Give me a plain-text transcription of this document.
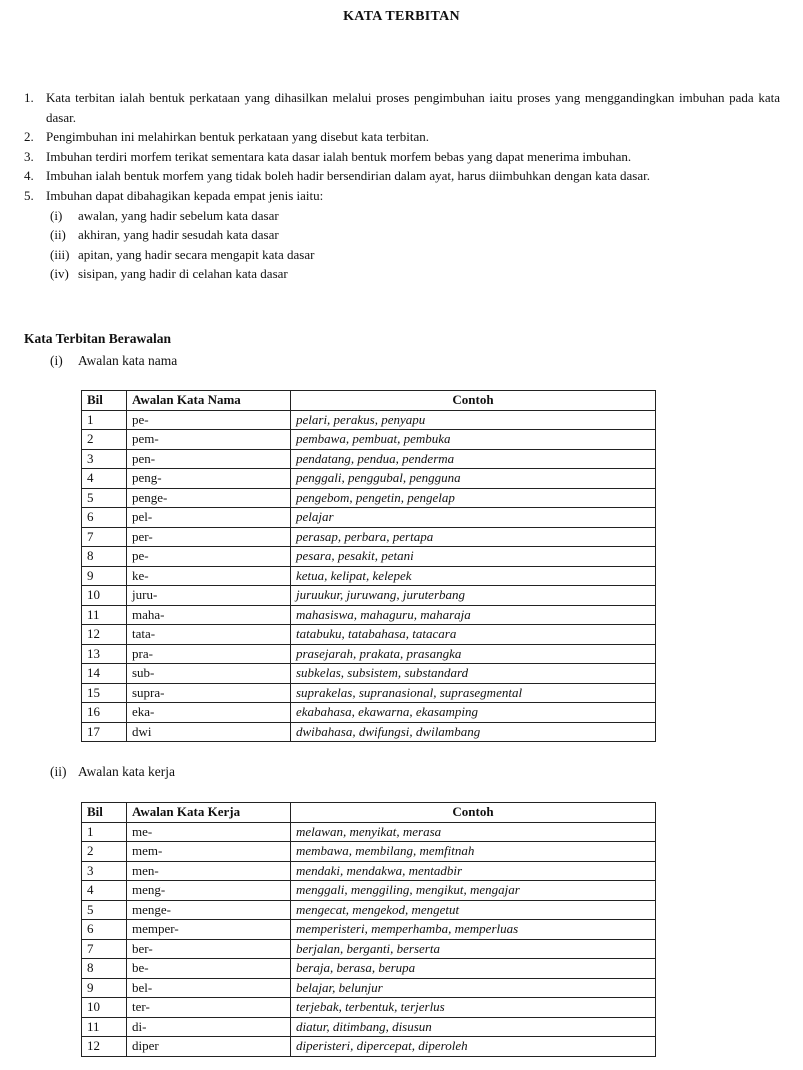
KATA TERBITAN
1. Kata terbitan ialah bentuk perkataan yang dihasilkan melalui proses pengimbuhan iaitu proses yang menggandingkan imbuhan pada kata dasar.
2. Pengimbuhan ini melahirkan bentuk perkataan yang disebut kata terbitan.
3. Imbuhan terdiri morfem terikat sementara kata dasar ialah bentuk morfem bebas yang dapat menerima imbuhan.
4. Imbuhan ialah bentuk morfem yang tidak boleh hadir bersendirian dalam ayat, harus diimbuhkan dengan kata dasar.
5. Imbuhan dapat dibahagikan kepada empat jenis iaitu:
(i)	awalan, yang hadir sebelum kata dasar
(ii) akhiran, yang hadir sesudah kata dasar
(iii) apitan, yang hadir secara mengapit kata dasar
(iv) sisipan, yang hadir di celahan kata dasar
Kata Terbitan Berawalan
(i) Awalan kata nama
Bil	Awalan Kata Nama	Contoh
1	pe-	pelari, perakus, penyapu
2	pem-	pembawa, pembuat, pembuka
3	pen-	pendatang, pendua, penderma
4	peng-	penggali, penggubal, pengguna
5	penge-	pengebom, pengetin, pengelap
6	pel-	pelajar
7	per-	perasap, perbara, pertapa
8	pe-	pesara, pesakit, petani
9	ke-	ketua, kelipat, kelepek
10	juru-	juruukur, juruwang, juruterbang
11	maha-	mahasiswa, mahaguru, maharaja
12	tata-	tatabuku, tatabahasa, tatacara
13	pra-	prasejarah, prakata, prasangka
14	sub-	subkelas, subsistem, substandard
15	supra-	suprakelas, supranasional, suprasegmental
16	eka-	ekabahasa, ekawarna, ekasamping
17	dwi	dwibahasa, dwifungsi, dwilambang
(ii) Awalan kata kerja
Bil	Awalan Kata Kerja	Contoh
1	me-	melawan, menyikat, merasa
2	mem-	membawa, membilang, memfitnah
3	men-	mendaki, mendakwa, mentadbir
4	meng-	menggali, menggiling, mengikut, mengajar
5	menge-	mengecat, mengekod, mengetut
6	memper-	memperisteri, memperhamba, memperluas
7	ber-	berjalan, berganti, berserta
8	be-	beraja, berasa, berupa
9	bel-	belajar, belunjur
10	ter-	terjebak, terbentuk, terjerlus
11	di-	diatur, ditimbang, disusun
12	diper	diperisteri, dipercepat, diperoleh
